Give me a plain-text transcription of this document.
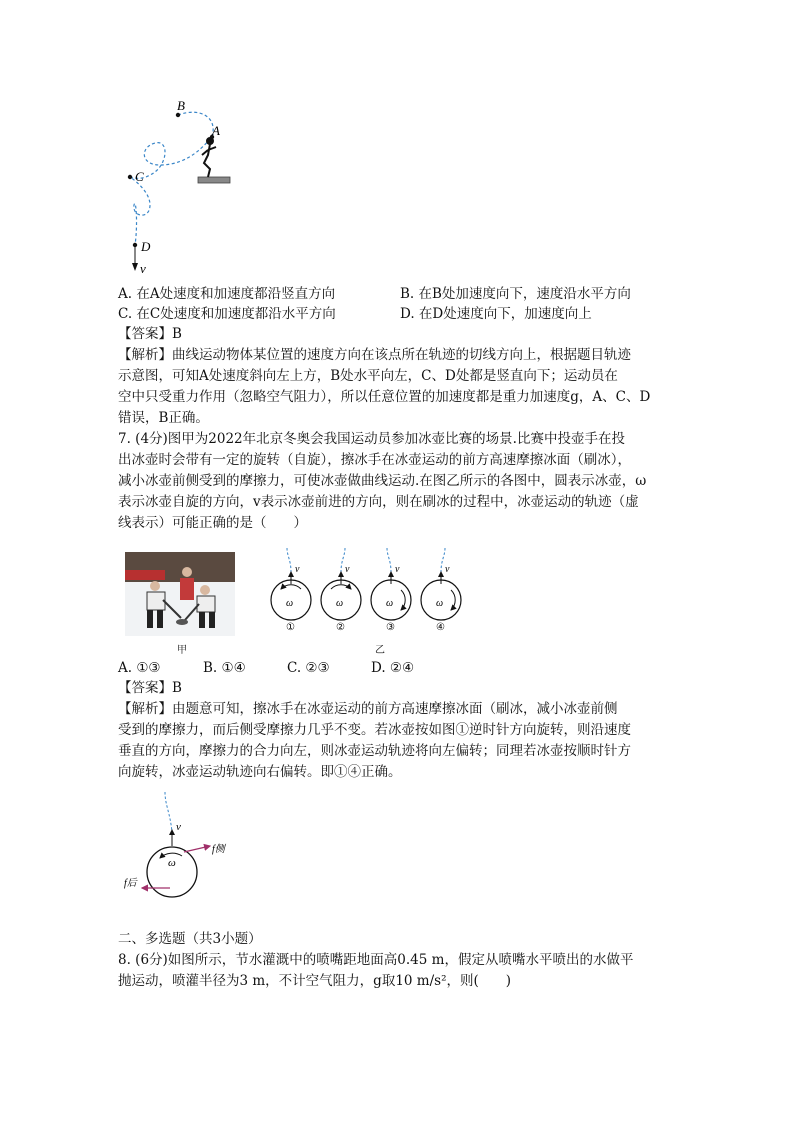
B
A
C
D
v
A. 在A处速度和加速度都沿竖直方向	B. 在B处加速度向下，速度沿水平方向
C. 在C处速度和加速度都沿水平方向	D. 在D处速度向下，加速度向上
【答案】B
【解析】曲线运动物体某位置的速度方向在该点所在轨迹的切线方向上，根据题目轨迹
示意图，可知A处速度斜向左上方，B处水平向左，C、D处都是竖直向下；运动员在
空中只受重力作用（忽略空气阻力），所以任意位置的加速度都是重力加速度g，A、C、D
错误，B正确。
7. (4分)图甲为2022年北京冬奥会我国运动员参加冰壶比赛的场景.比赛中投壶手在投
出冰壶时会带有一定的旋转（自旋），擦冰手在冰壶运动的前方高速摩擦冰面（刷冰），
减小冰壶前侧受到的摩擦力，可使冰壶做曲线运动.在图乙所示的各图中，圆表示冰壶，ω
表示冰壶自旋的方向，v表示冰壶前进的方向，则在刷冰的过程中，冰壶运动的轨迹（虚
线表示）可能正确的是（　　）
甲
v
ω
①
v
ω
②
v
ω
③
v
ω
④
乙
A. ①③	B. ①④	C. ②③	D. ②④
【答案】B
【解析】由题意可知，擦冰手在冰壶运动的前方高速摩擦冰面（刷冰，减小冰壶前侧
受到的摩擦力，而后侧受摩擦力几乎不变。若冰壶按如图①逆时针方向旋转，则沿速度
垂直的方向，摩擦力的合力向左，则冰壶运动轨迹将向左偏转；同理若冰壶按顺时针方
向旋转，冰壶运动轨迹向右偏转。即①④正确。
v
ω
f侧
f后
二、多选题（共3小题）
8. (6分)如图所示，节水灌溉中的喷嘴距地面高0.45 m，假定从喷嘴水平喷出的水做平
抛运动，喷灌半径为3 m，不计空气阻力，g取10 m/s²，则(　　)
